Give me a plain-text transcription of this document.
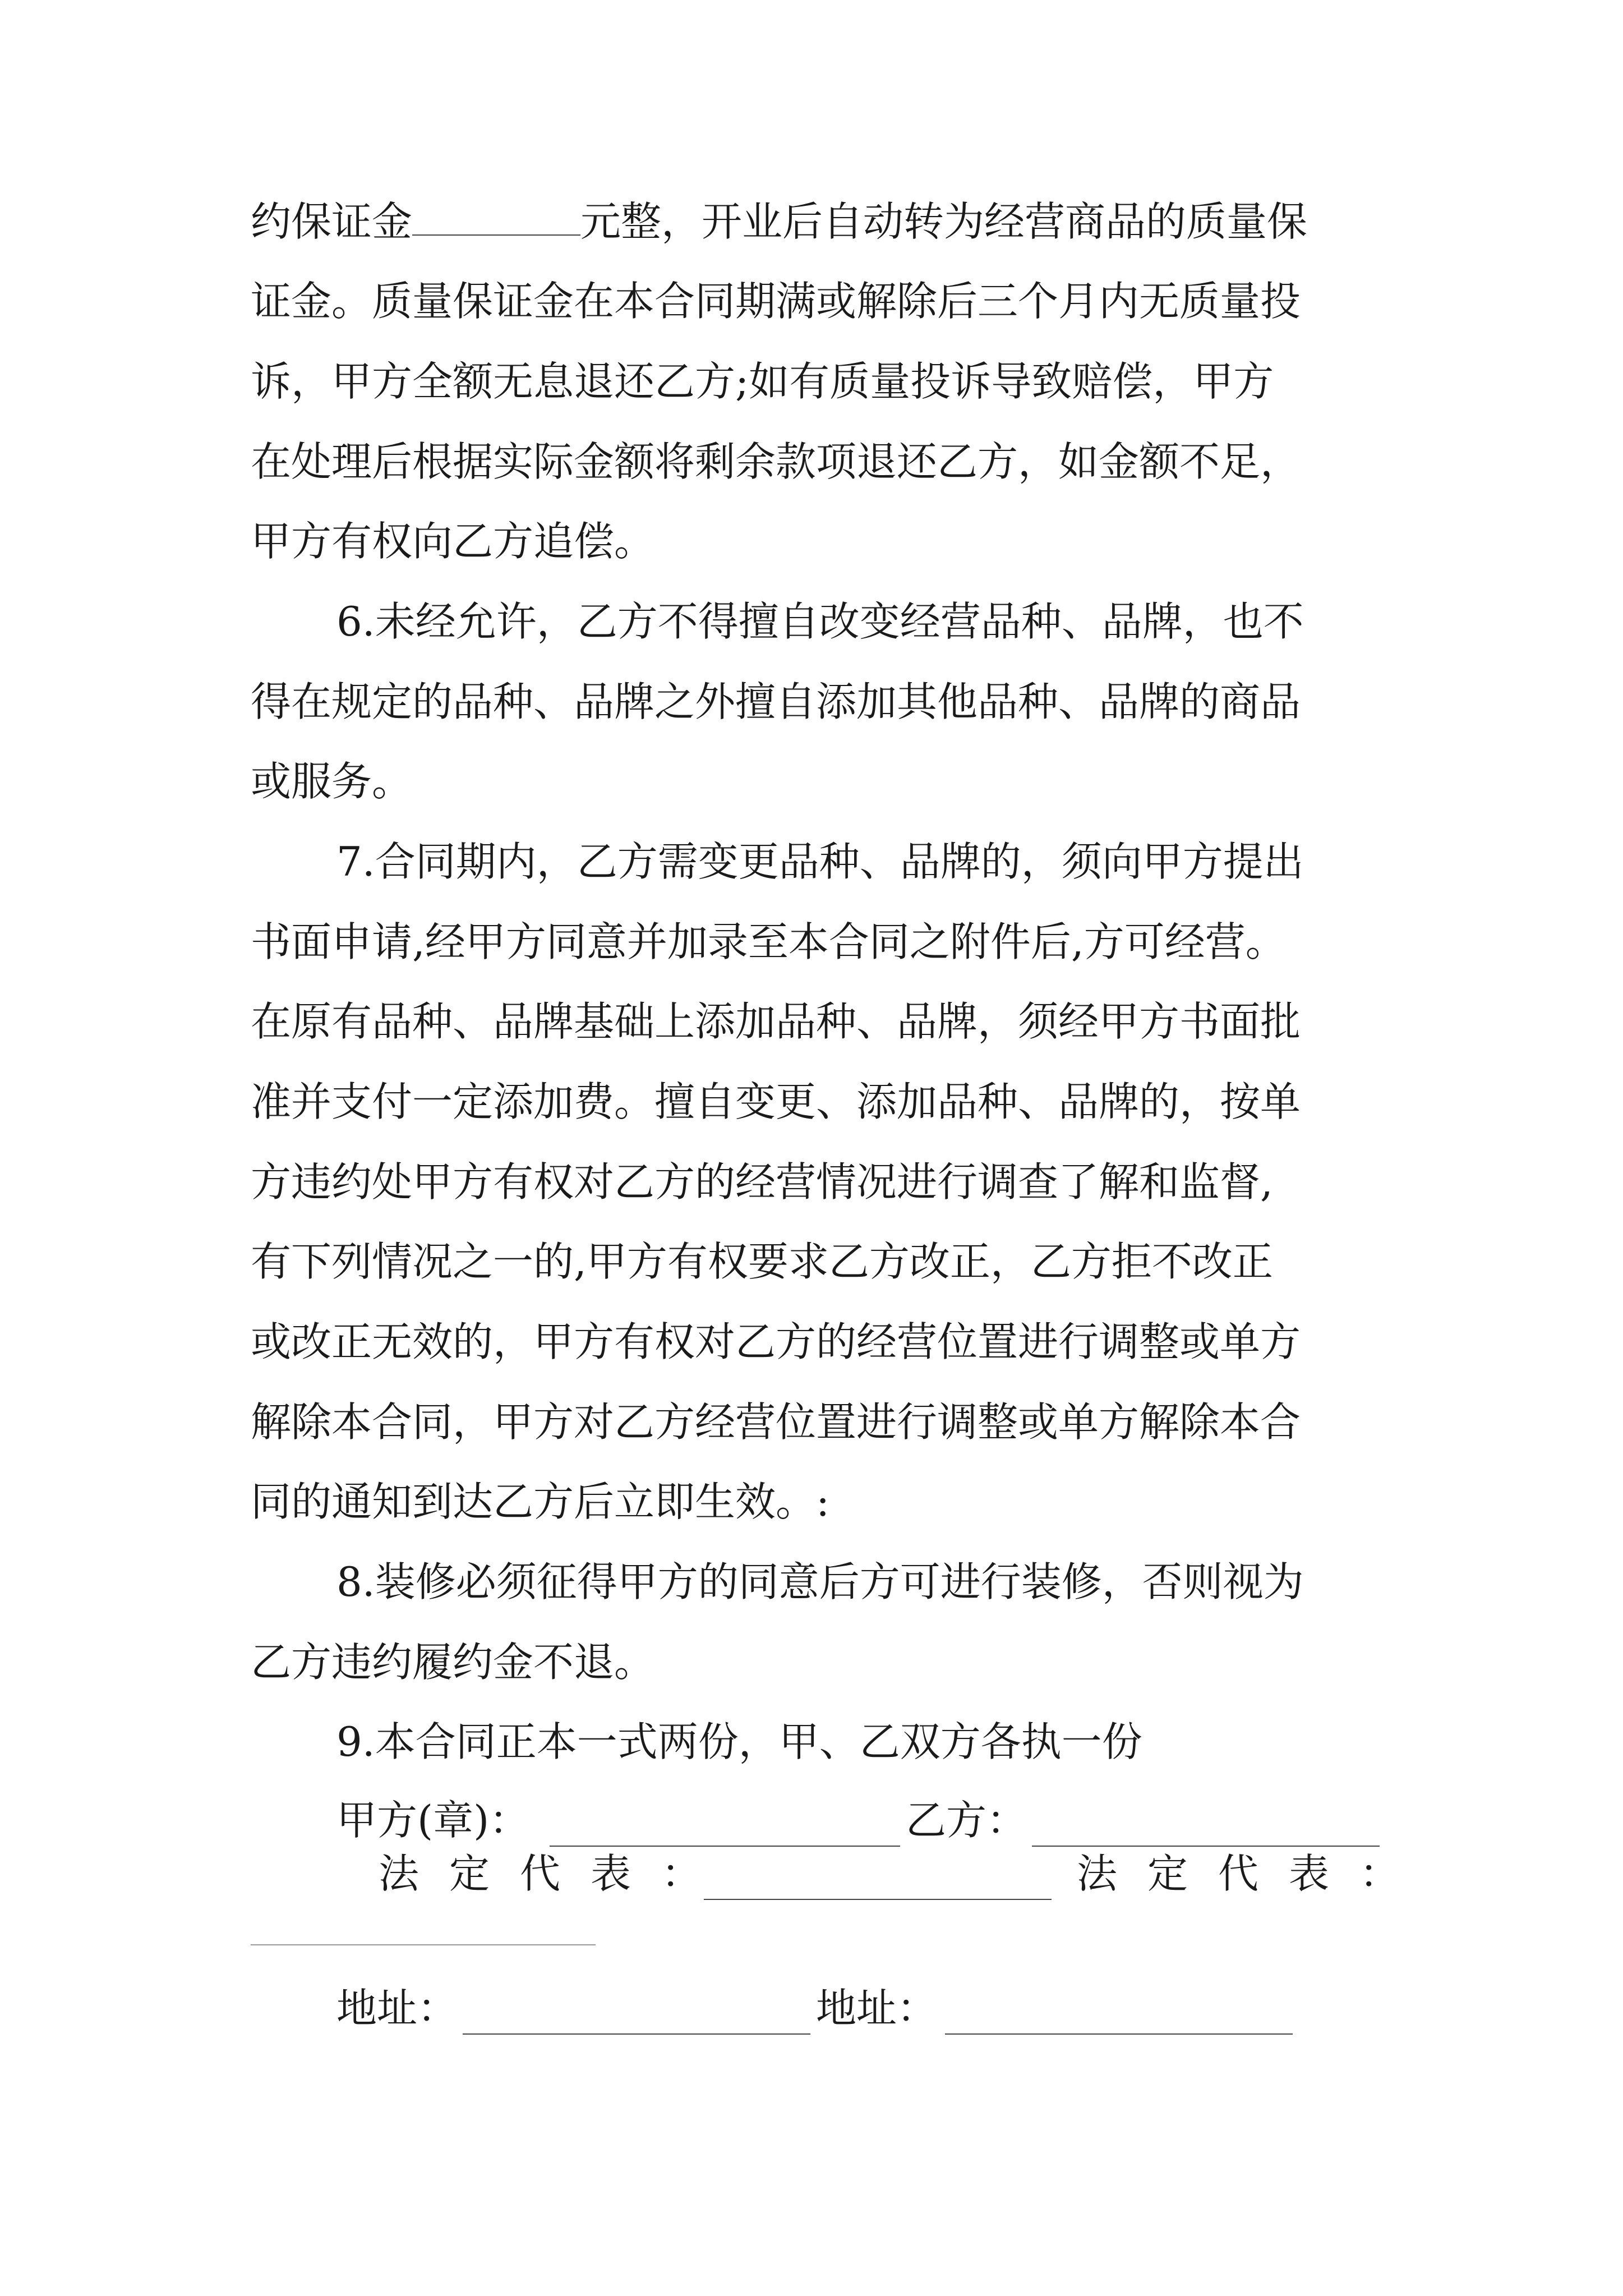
约保证金	元整，开业后自动转为经营商品的质量保
证金。质量保证金在本合同期满或解除后三个月内无质量投
诉，甲方全额无息退还乙方;如有质量投诉导致赔偿，甲方
在处理后根据实际金额将剩余款项退还乙方，如金额不足，
甲方有权向乙方追偿。
6.未经允许，乙方不得擅自改变经营品种、品牌，也不
得在规定的品种、品牌之外擅自添加其他品种、品牌的商品
或服务。
7.合同期内，乙方需变更品种、品牌的，须向甲方提出
书面申请,经甲方同意并加录至本合同之附件后,方可经营。
在原有品种、品牌基础上添加品种、品牌，须经甲方书面批
准并支付一定添加费。擅自变更、添加品种、品牌的，按单
方违约处甲方有权对乙方的经营情况进行调查了解和监督,
有下列情况之一的,甲方有权要求乙方改正，乙方拒不改正
或改正无效的，甲方有权对乙方的经营位置进行调整或单方
解除本合同，甲方对乙方经营位置进行调整或单方解除本合
同的通知到达乙方后立即生效。:
8.装修必须征得甲方的同意后方可进行装修，否则视为
乙方违约履约金不退。
9.本合同正本一式两份，甲、乙双方各执一份
甲方(章)：	乙方：
法定代表：	法定代表：
地址：	地址：
